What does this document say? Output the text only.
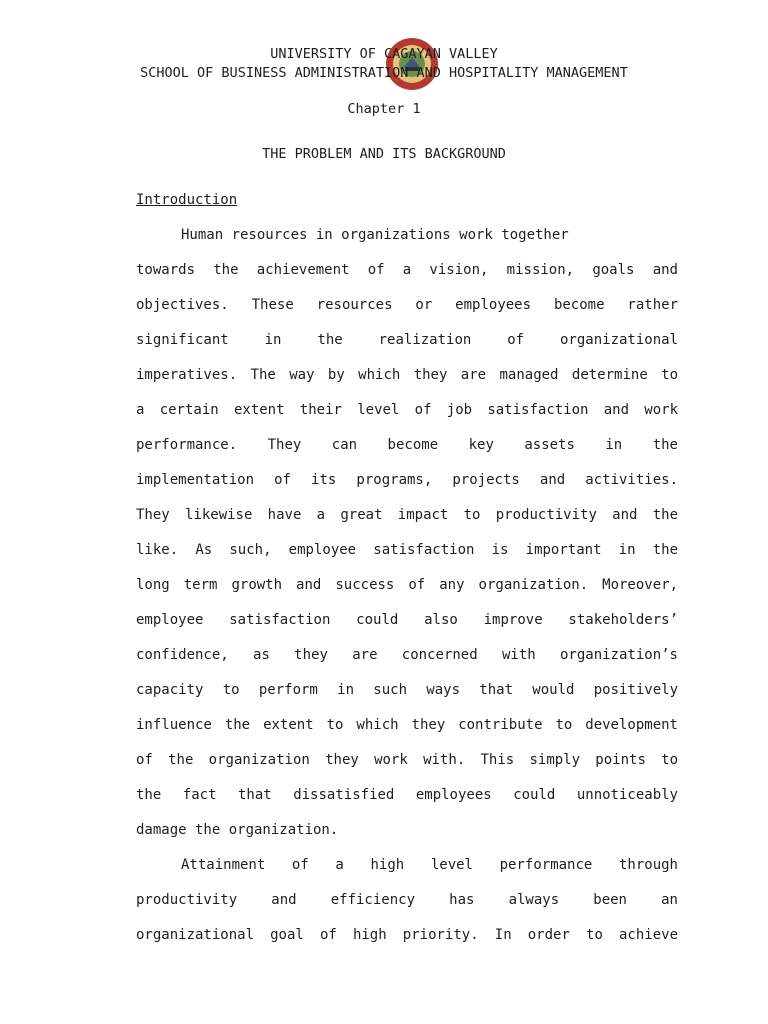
UNIVERSITY OF CAGAYAN VALLEY
SCHOOL OF BUSINESS ADMINISTRATION AND HOSPITALITY MANAGEMENT
Chapter 1
THE PROBLEM AND ITS BACKGROUND
Introduction
Human resources in organizations work together
towards the achievement of a vision, mission, goals and
objectives. These resources or employees become rather
significant in the realization of organizational
imperatives. The way by which they are managed determine to
a certain extent their level of job satisfaction and work
performance. They can become key assets in the
implementation of its programs, projects and activities.
They likewise have a great impact to productivity and the
like. As such, employee satisfaction is important in the
long term growth and success of any organization. Moreover,
employee satisfaction could also improve stakeholders’
confidence, as they are concerned with organization’s
capacity to perform in such ways that would positively
influence the extent to which they contribute to development
of the organization they work with. This simply points to
the fact that dissatisfied employees could unnoticeably
damage the organization.
Attainment of a high level performance through
productivity and efficiency has always been an
organizational goal of high priority. In order to achieve
